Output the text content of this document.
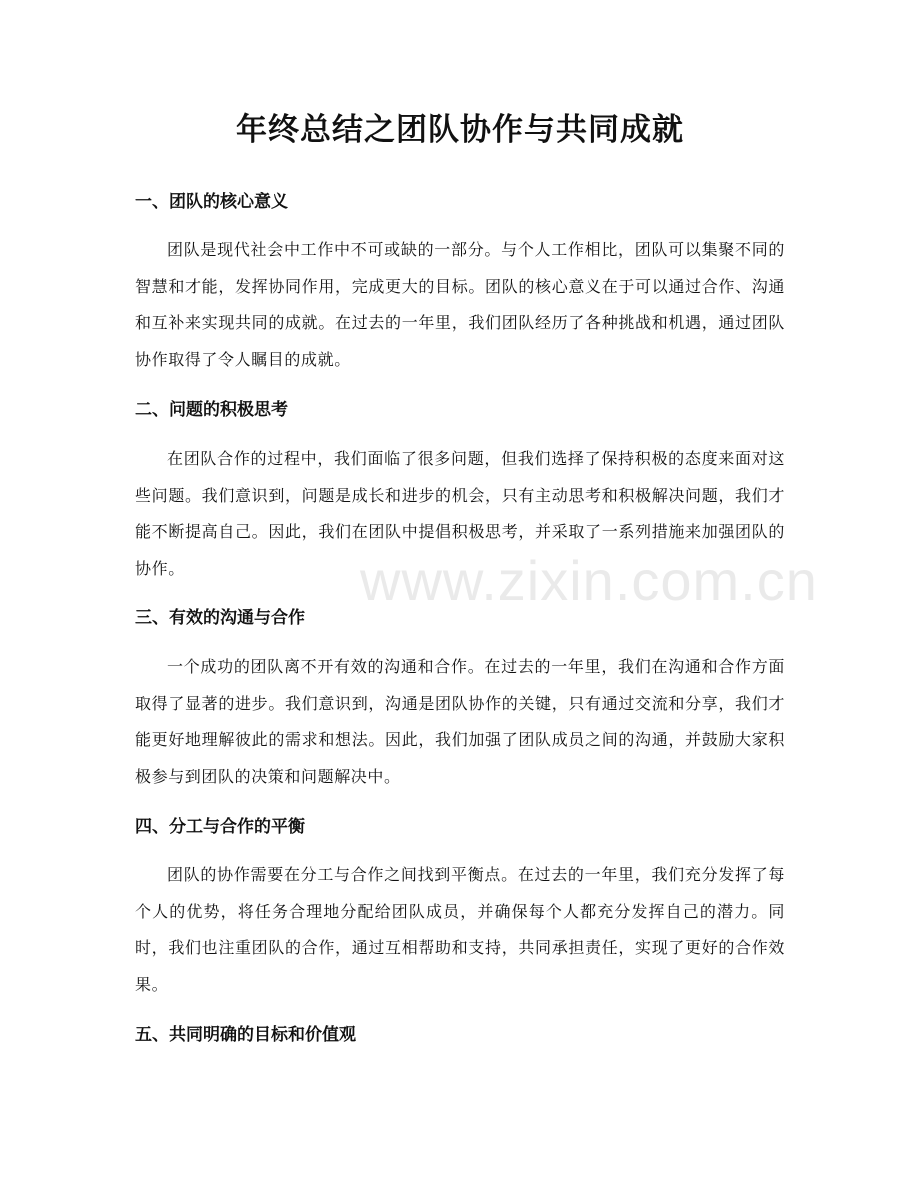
年终总结之团队协作与共同成就
一、团队的核心意义

团队是现代社会中工作中不可或缺的一部分。与个人工作相比，团队可以集聚不同的智慧和才能，发挥协同作用，完成更大的目标。团队的核心意义在于可以通过合作、沟通和互补来实现共同的成就。在过去的一年里，我们团队经历了各种挑战和机遇，通过团队协作取得了令人瞩目的成就。

二、问题的积极思考

在团队合作的过程中，我们面临了很多问题，但我们选择了保持积极的态度来面对这些问题。我们意识到，问题是成长和进步的机会，只有主动思考和积极解决问题，我们才能不断提高自己。因此，我们在团队中提倡积极思考，并采取了一系列措施来加强团队的协作。

三、有效的沟通与合作

一个成功的团队离不开有效的沟通和合作。在过去的一年里，我们在沟通和合作方面取得了显著的进步。我们意识到，沟通是团队协作的关键，只有通过交流和分享，我们才能更好地理解彼此的需求和想法。因此，我们加强了团队成员之间的沟通，并鼓励大家积极参与到团队的决策和问题解决中。

四、分工与合作的平衡

团队的协作需要在分工与合作之间找到平衡点。在过去的一年里，我们充分发挥了每个人的优势，将任务合理地分配给团队成员，并确保每个人都充分发挥自己的潜力。同时，我们也注重团队的合作，通过互相帮助和支持，共同承担责任，实现了更好的合作效果。

五、共同明确的目标和价值观
www.zixin.com.cn
